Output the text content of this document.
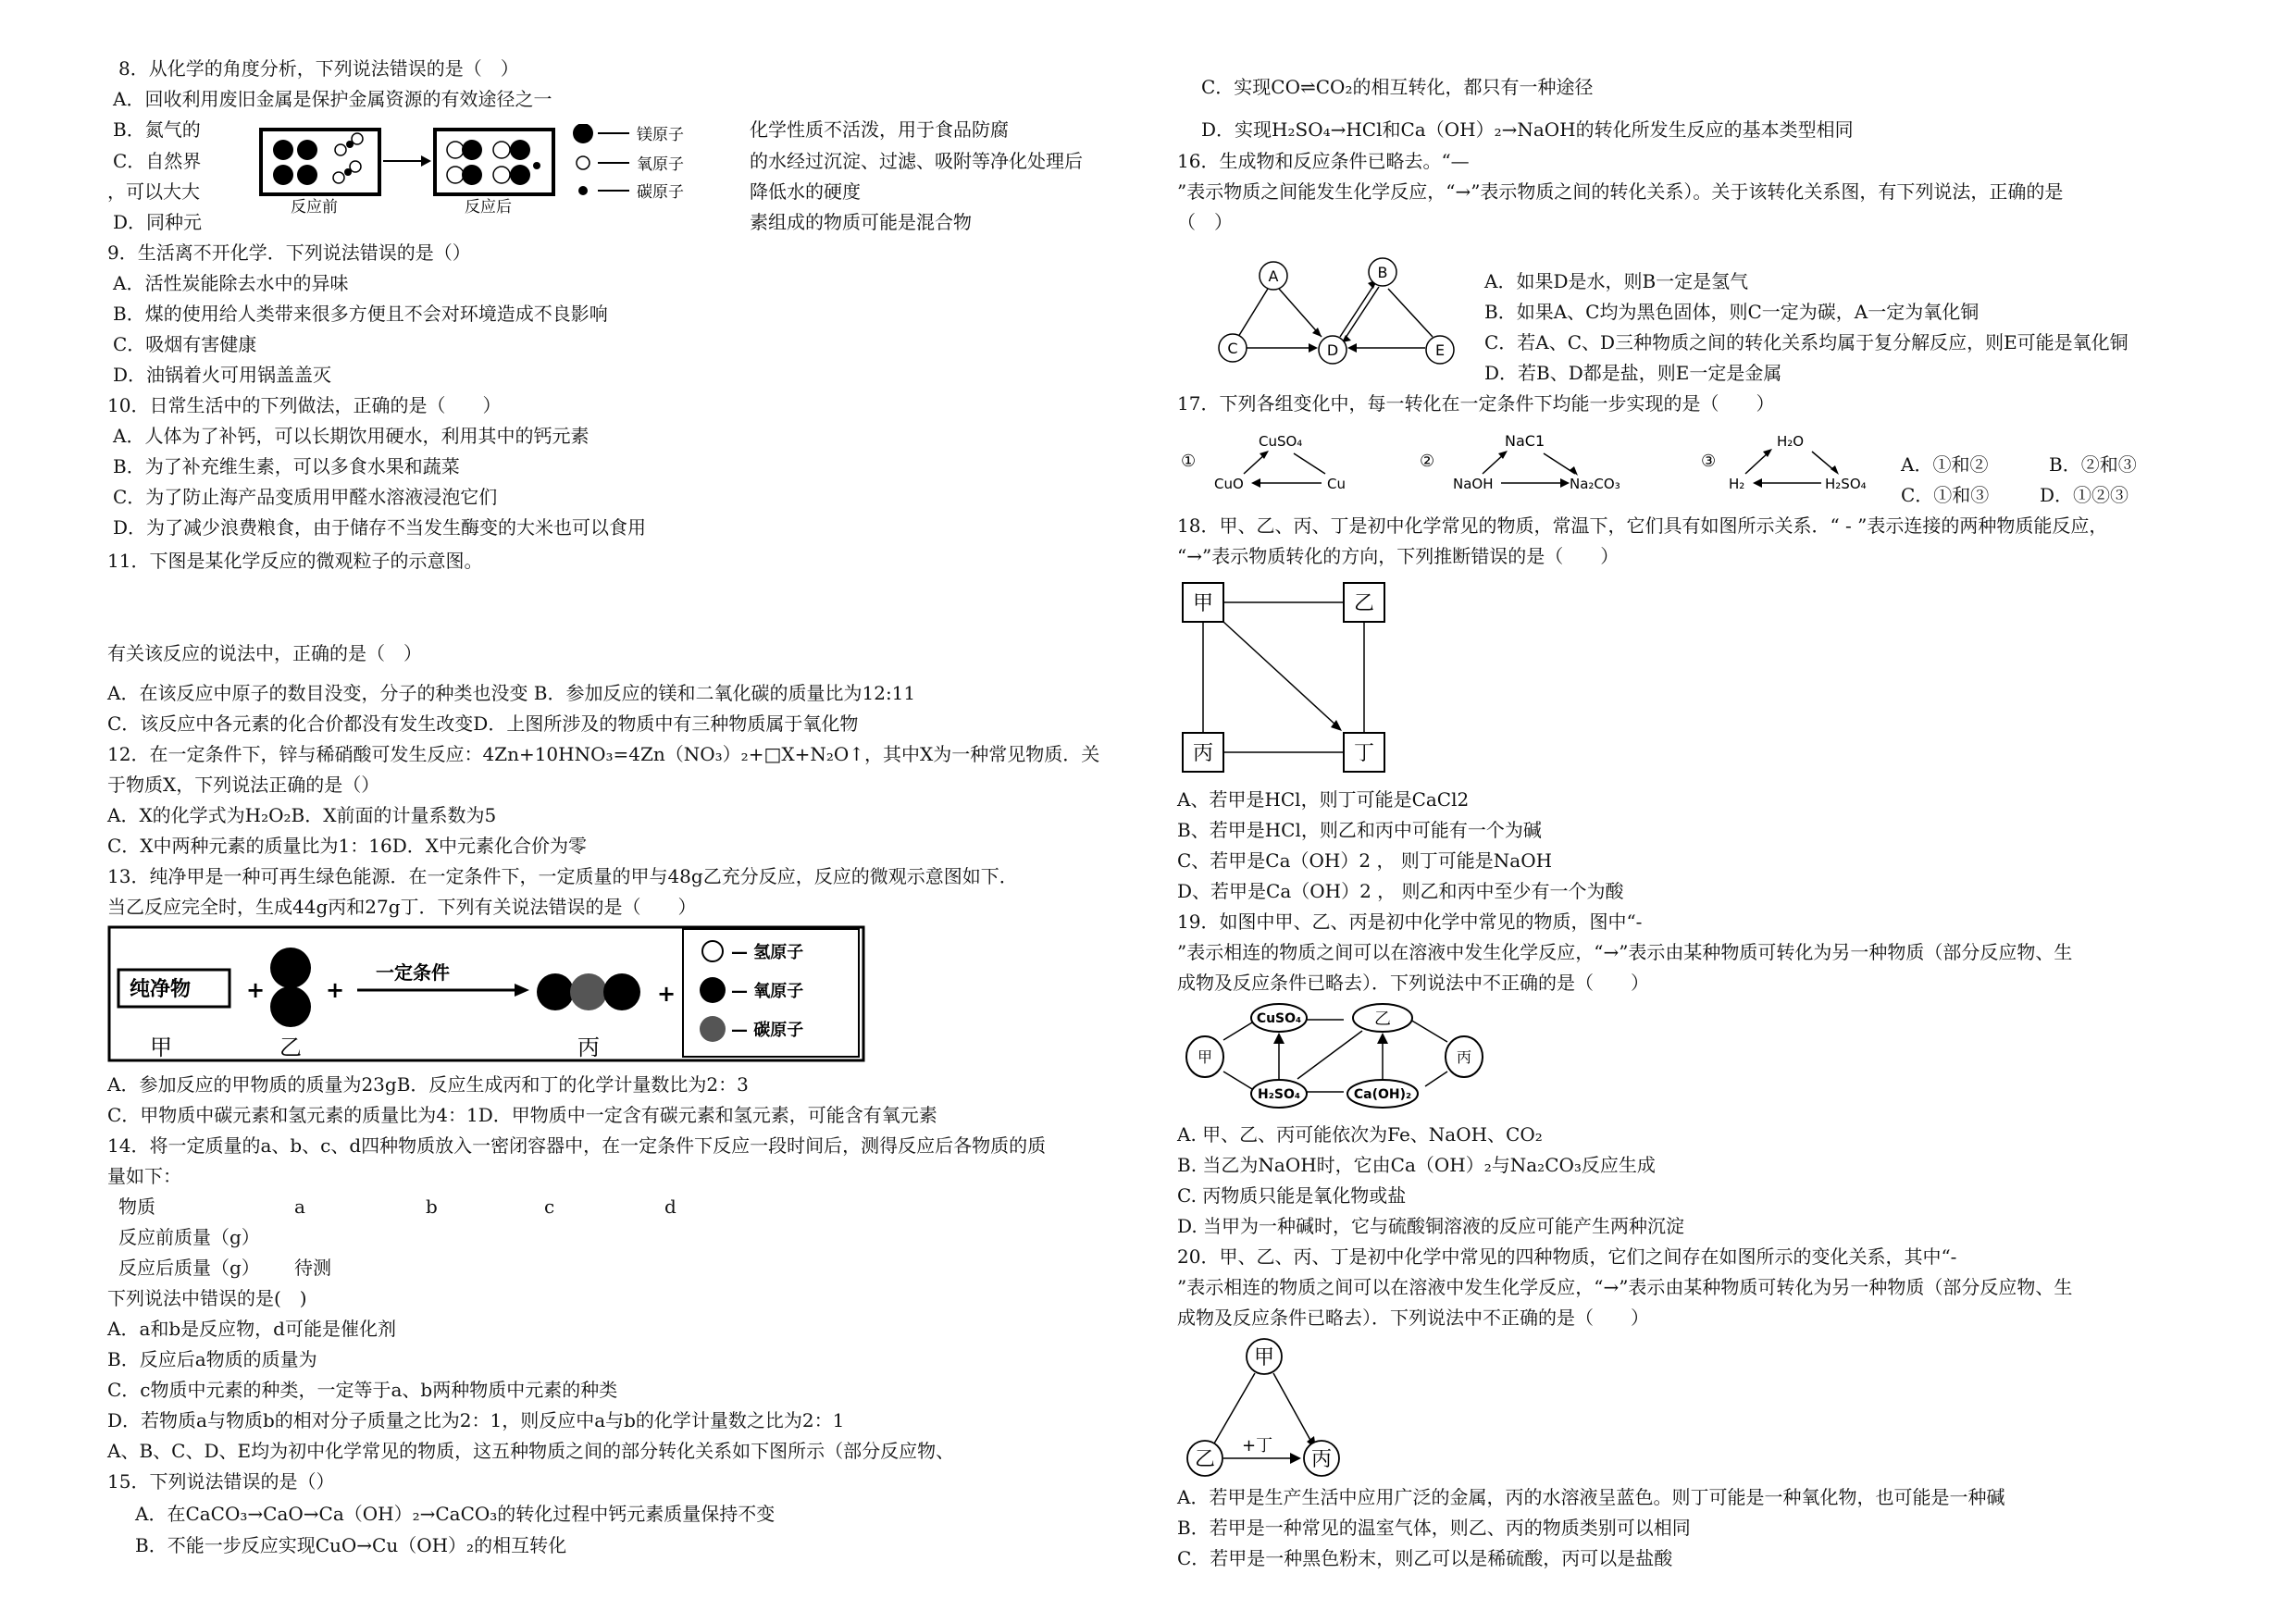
8．从化学的角度分析，下列说法错误的是（　）
A．回收利用废旧金属是保护金属资源的有效途径之一
B．氮气的	化学性质不活泼，用于食品防腐
C．自然界	的水经过沉淀、过滤、吸附等净化处理后
，可以大大	降低水的硬度
D．同种元	素组成的物质可能是混合物
反应前	反应后
镁原子
氧原子
碳原子
9．生活离不开化学．下列说法错误的是（）
A．活性炭能除去水中的异味
B．煤的使用给人类带来很多方便且不会对环境造成不良影响
C．吸烟有害健康
D．油锅着火可用锅盖盖灭
10．日常生活中的下列做法，正确的是（　　）
A．人体为了补钙，可以长期饮用硬水，利用其中的钙元素
B．为了补充维生素，可以多食水果和蔬菜
C．为了防止海产品变质用甲醛水溶液浸泡它们
D．为了减少浪费粮食，由于储存不当发生酶变的大米也可以食用
11．下图是某化学反应的微观粒子的示意图。
有关该反应的说法中，正确的是（　）
A．在该反应中原子的数目没变，分子的种类也没变 B．参加反应的镁和二氧化碳的质量比为12:11
C．该反应中各元素的化合价都没有发生改变D．上图所涉及的物质中有三种物质属于氧化物
12．在一定条件下，锌与稀硝酸可发生反应：4Zn+10HNO₃=4Zn（NO₃）₂+□X+N₂O↑，其中X为一种常见物质．关
于物质X，下列说法正确的是（）
A．X的化学式为H₂O₂B．X前面的计量系数为5
C．X中两种元素的质量比为1：16D．X中元素化合价为零
13．纯净甲是一种可再生绿色能源．在一定条件下，一定质量的甲与48g乙充分反应，反应的微观示意图如下．
当乙反应完全时，生成44g丙和27g丁．下列有关说法错误的是（　　）
纯净物 +	+
一定条件
+
甲	乙	丙
— 氢原子
— 氧原子
— 碳原子
A．参加反应的甲物质的质量为23gB．反应生成丙和丁的化学计量数比为2：3
C．甲物质中碳元素和氢元素的质量比为4：1D．甲物质中一定含有碳元素和氢元素，可能含有氧元素
14．将一定质量的a、b、c、d四种物质放入一密闭容器中，在一定条件下反应一段时间后，测得反应后各物质的质
量如下：
物质	a	b	c	d
反应前质量（g）
反应后质量（g） 待测
下列说法中错误的是(　)
A．a和b是反应物，d可能是催化剂
B．反应后a物质的质量为
C．c物质中元素的种类，一定等于a、b两种物质中元素的种类
D．若物质a与物质b的相对分子质量之比为2：1，则反应中a与b的化学计量数之比为2：1
A、B、C、D、E均为初中化学常见的物质，这五种物质之间的部分转化关系如下图所示（部分反应物、
15．下列说法错误的是（）
A．在CaCO₃→CaO→Ca（OH）₂→CaCO₃的转化过程中钙元素质量保持不变
B．不能一步反应实现CuO→Cu（OH）₂的相互转化
C．实现CO⇌CO₂的相互转化，都只有一种途径
D．实现H₂SO₄→HCl和Ca（OH）₂→NaOH的转化所发生反应的基本类型相同
16．生成物和反应条件已略去。“—
”表示物质之间能发生化学反应，“→”表示物质之间的转化关系）。关于该转化关系图，有下列说法，正确的是
（　）
A	B
C	D	E
A．如果D是水，则B一定是氢气
B．如果A、C均为黑色固体，则C一定为碳，A一定为氧化铜
C．若A、C、D三种物质之间的转化关系均属于复分解反应，则E可能是氧化铜
D．若B、D都是盐，则E一定是金属
17．下列各组变化中，每一转化在一定条件下均能一步实现的是（　　）
①
CuSO₄
CuO	Cu
②
NaC1
NaOH	Na₂CO₃
③
H₂O
H₂	H₂SO₄
A．①和②	B．②和③
C．①和③	D．①②③
18．甲、乙、丙、丁是初中化学常见的物质，常温下，它们具有如图所示关系．“ - ”表示连接的两种物质能反应，
“→”表示物质转化的方向，下列推断错误的是（　　）
甲	乙
丙	丁
A、若甲是HCl，则丁可能是CaCl2
B、若甲是HCl，则乙和丙中可能有一个为碱
C、若甲是Ca（OH）2 ， 则丁可能是NaOH
D、若甲是Ca（OH）2 ， 则乙和丙中至少有一个为酸
19．如图中甲、乙、丙是初中化学中常见的物质，图中“-
”表示相连的物质之间可以在溶液中发生化学反应，“→”表示由某种物质可转化为另一种物质（部分反应物、生
成物及反应条件已略去）．下列说法中不正确的是（　　）
CuSO₄	乙
甲	丙
H₂SO₄	Ca(OH)₂
A. 甲、乙、丙可能依次为Fe、NaOH、CO₂
B. 当乙为NaOH时，它由Ca（OH）₂与Na₂CO₃反应生成
C. 丙物质只能是氧化物或盐
D. 当甲为一种碱时，它与硫酸铜溶液的反应可能产生两种沉淀
20．甲、乙、丙、丁是初中化学中常见的四种物质，它们之间存在如图所示的变化关系，其中“-
”表示相连的物质之间可以在溶液中发生化学反应，“→”表示由某种物质可转化为另一种物质（部分反应物、生
成物及反应条件已略去）．下列说法中不正确的是（　　）
甲
乙	丙
+丁
A．若甲是生产生活中应用广泛的金属，丙的水溶液呈蓝色。则丁可能是一种氧化物，也可能是一种碱
B．若甲是一种常见的温室气体，则乙、丙的物质类别可以相同
C．若甲是一种黑色粉末，则乙可以是稀硫酸，丙可以是盐酸
